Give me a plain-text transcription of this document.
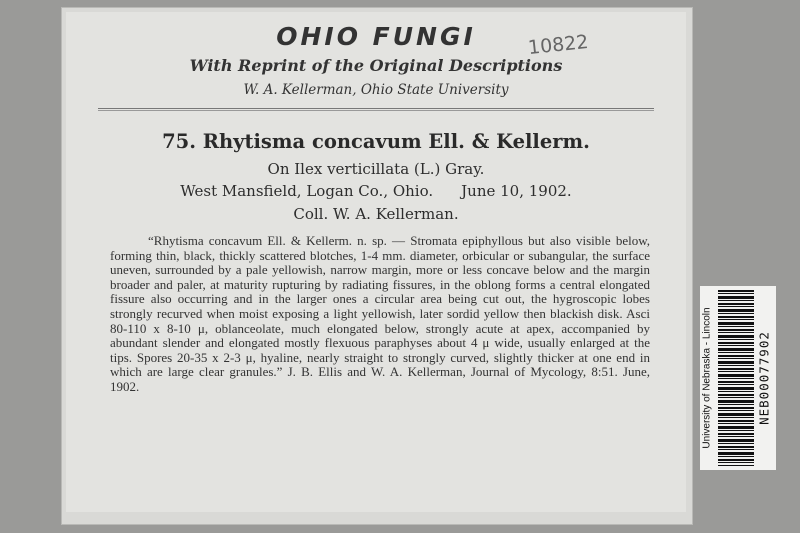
OHIO FUNGI	10822
With Reprint of the Original Descriptions
W. A. Kellerman, Ohio State University
75. Rhytisma concavum Ell. & Kellerm.
On Ilex verticillata (L.) Gray.
West Mansfield, Logan Co., Ohio. June 10, 1902.
Coll. W. A. Kellerman.
“Rhytisma concavum Ell. & Kellerm. n. sp. — Stromata epiphyllous but also visible below, forming thin, black, thickly scattered blotches, 1-4 mm. diameter, orbicular or subangular, the surface uneven, surrounded by a pale yellowish, narrow margin, more or less concave below and the margin broader and paler, at maturity rupturing by radiating fissures, in the oblong forms a central elongated fissure also occurring and in the larger ones a circular area being cut out, the hygroscopic lobes strongly recurved when moist exposing a light yellowish, later sordid yellow then blackish disk. Asci 80-110 x 8-10 μ, oblanceolate, much elongated below, strongly acute at apex, accompanied by abundant slender and elongated mostly flexuous paraphyses about 4 μ wide, usually enlarged at the tips. Spores 20-35 x 2-3 μ, hyaline, nearly straight to strongly curved, slightly thicker at one end in which are large clear granules.” J. B. Ellis and W. A. Kellerman, Journal of Mycology, 8:51. June, 1902.	University of Nebraska - Lincoln	NEB00077902
